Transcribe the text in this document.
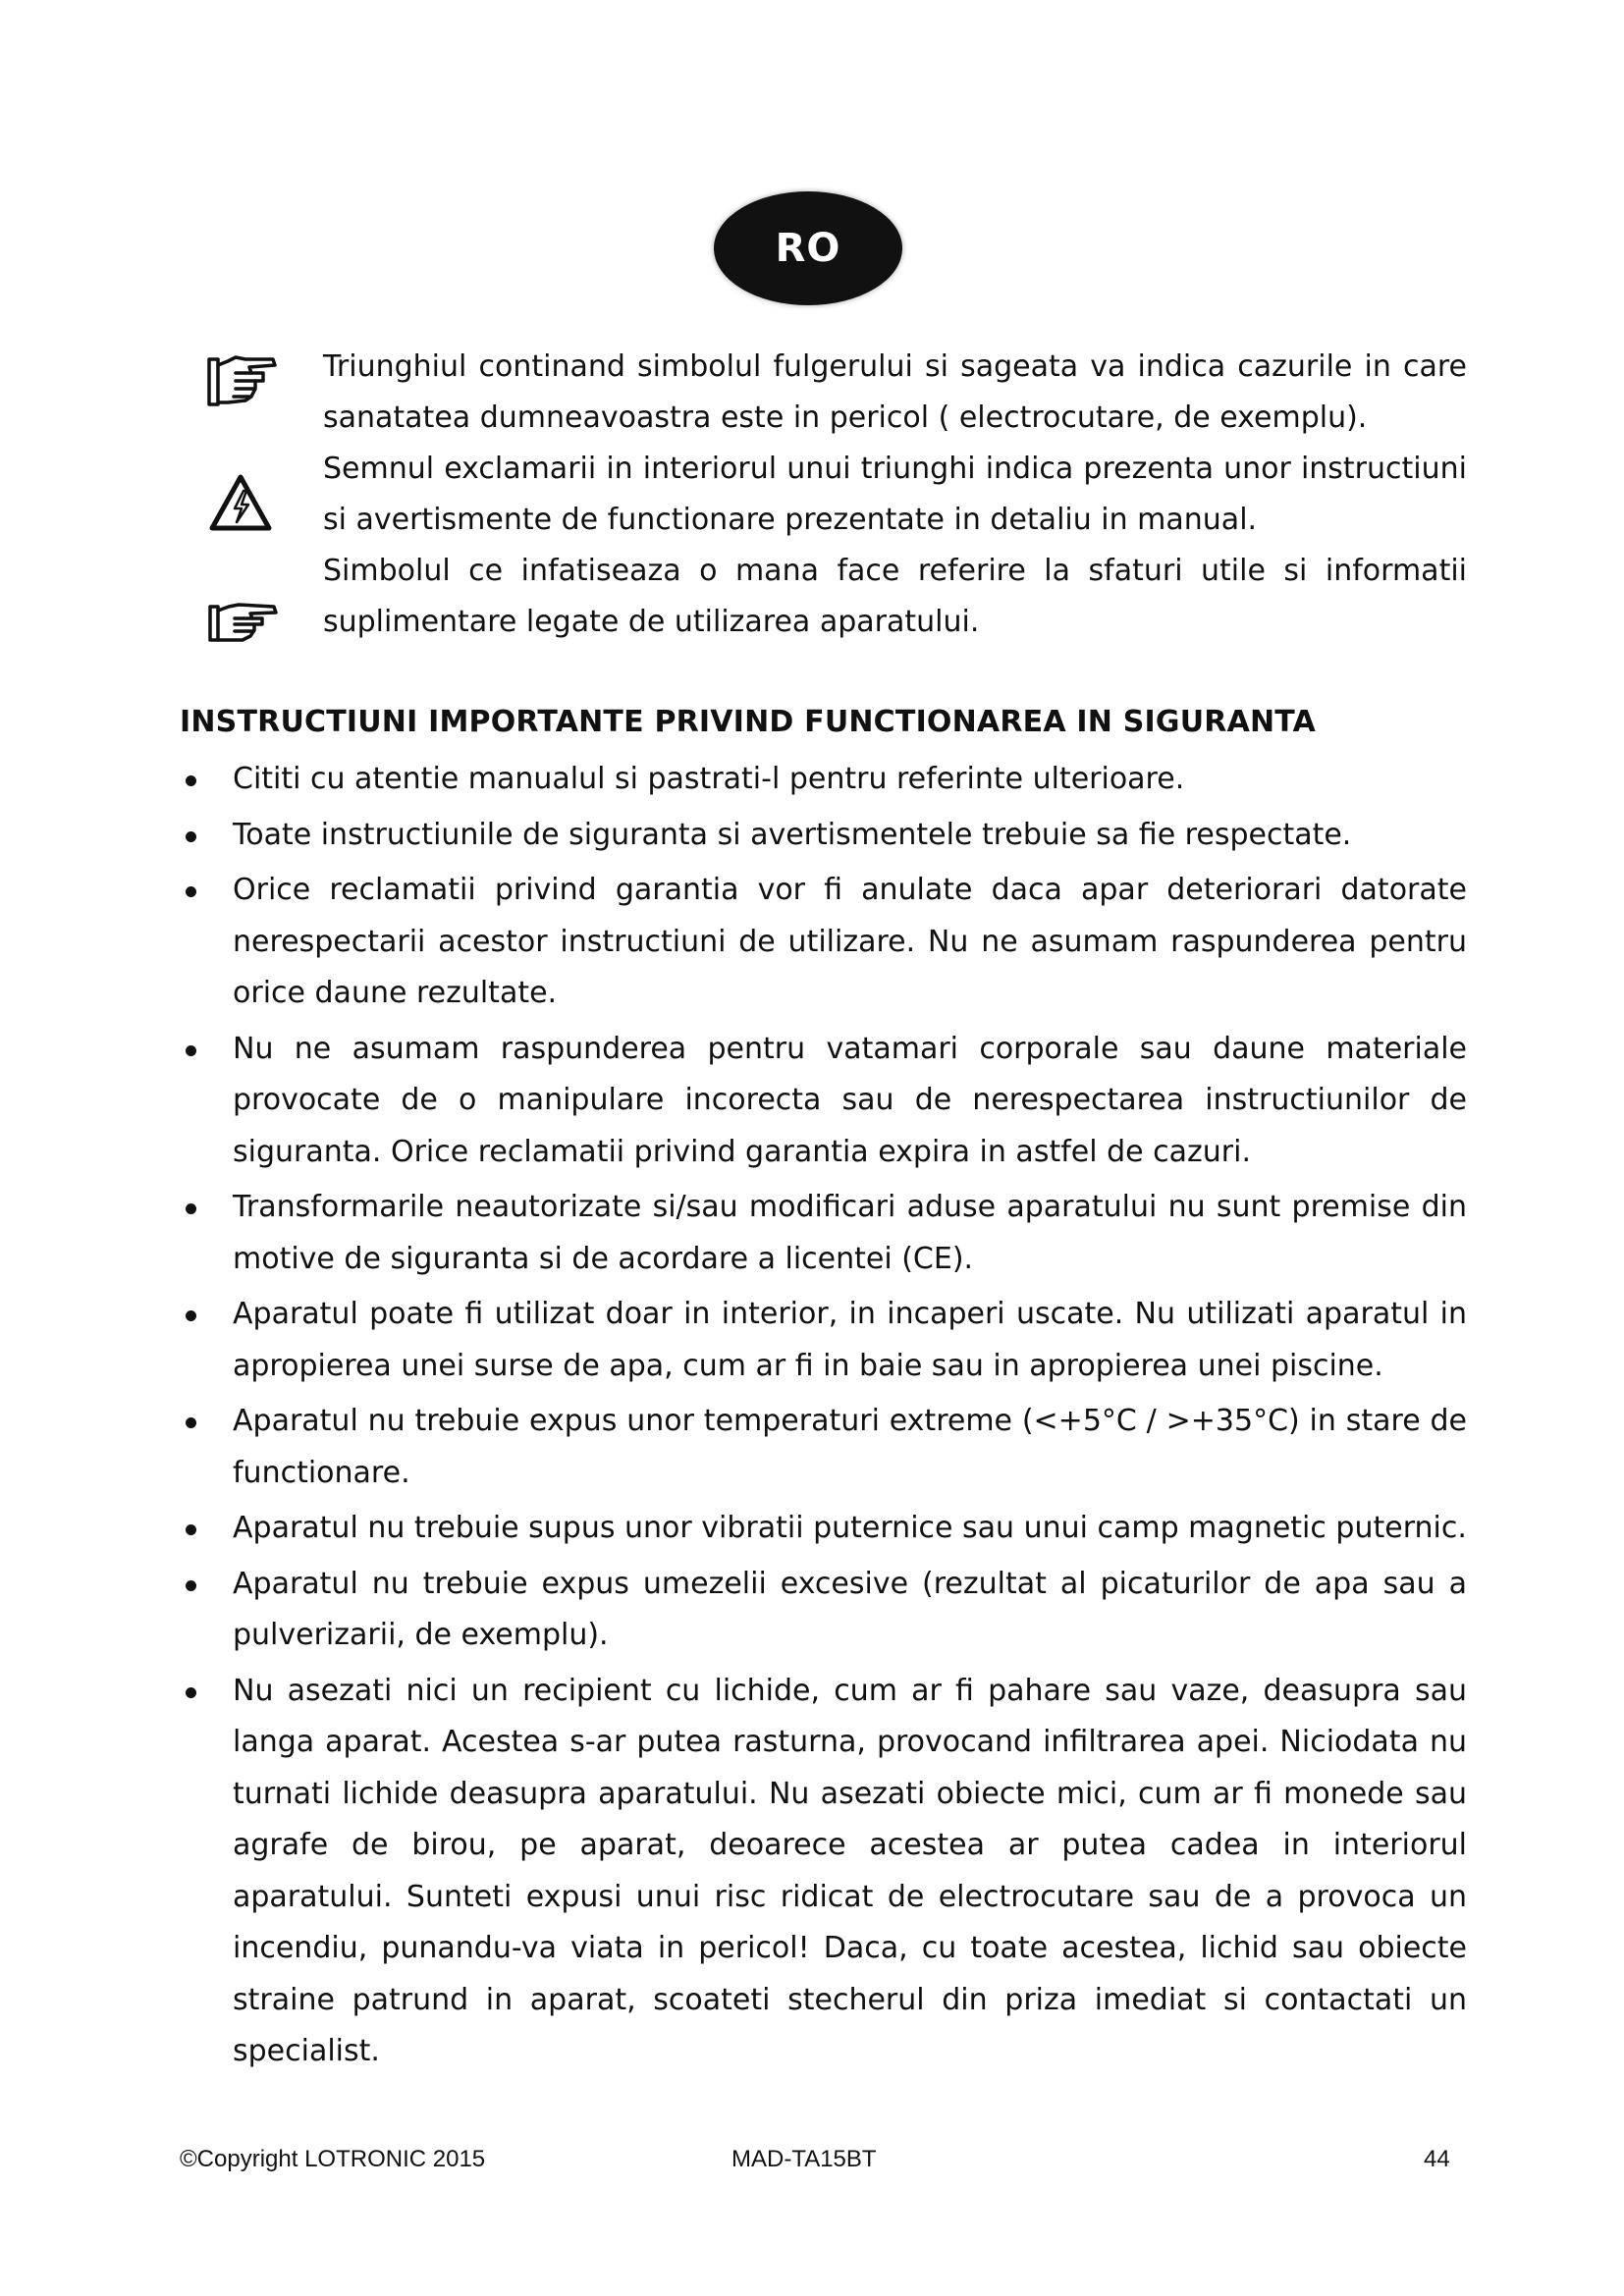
RO

Triunghiul continand simbolul fulgerului si sageata va indica cazurile in care sanatatea dumneavoastra este in pericol ( electrocutare, de exemplu).

Semnul exclamarii in interiorul unui triunghi indica prezenta unor instructiuni si avertismente de functionare prezentate in detaliu in manual.

Simbolul ce infatiseaza o mana face referire la sfaturi utile si informatii suplimentare legate de utilizarea aparatului.

INSTRUCTIUNI IMPORTANTE PRIVIND FUNCTIONAREA IN SIGURANTA
Cititi cu atentie manualul si pastrati-l pentru referinte ulterioare.
Toate instructiunile de siguranta si avertismentele trebuie sa fie respectate.
Orice reclamatii privind garantia vor fi anulate daca apar deteriorari datorate nerespectarii acestor instructiuni de utilizare. Nu ne asumam raspunderea pentru orice daune rezultate.
Nu ne asumam raspunderea pentru vatamari corporale sau daune materiale provocate de o manipulare incorecta sau de nerespectarea instructiunilor de siguranta. Orice reclamatii privind garantia expira in astfel de cazuri.
Transformarile neautorizate si/sau modificari aduse aparatului nu sunt premise din motive de siguranta si de acordare a licentei (CE).
Aparatul poate fi utilizat doar in interior, in incaperi uscate. Nu utilizati aparatul in apropierea unei surse de apa, cum ar fi in baie sau in apropierea unei piscine.
Aparatul nu trebuie expus unor temperaturi extreme (<+5°C / >+35°C) in stare de functionare.
Aparatul nu trebuie supus unor vibratii puternice sau unui camp magnetic puternic.
Aparatul nu trebuie expus umezelii excesive (rezultat al picaturilor de apa sau a pulverizarii, de exemplu).
Nu asezati nici un recipient cu lichide, cum ar fi pahare sau vaze, deasupra sau langa aparat. Acestea s-ar putea rasturna, provocand infiltrarea apei. Niciodata nu turnati lichide deasupra aparatului. Nu asezati obiecte mici, cum ar fi monede sau agrafe de birou, pe aparat, deoarece acestea ar putea cadea in interiorul aparatului. Sunteti expusi unui risc ridicat de electrocutare sau de a provoca un incendiu, punandu-va viata in pericol! Daca, cu toate acestea, lichid sau obiecte straine patrund in aparat, scoateti stecherul din priza imediat si contactati un specialist.
©Copyright LOTRONIC 2015	MAD-TA15BT	44
